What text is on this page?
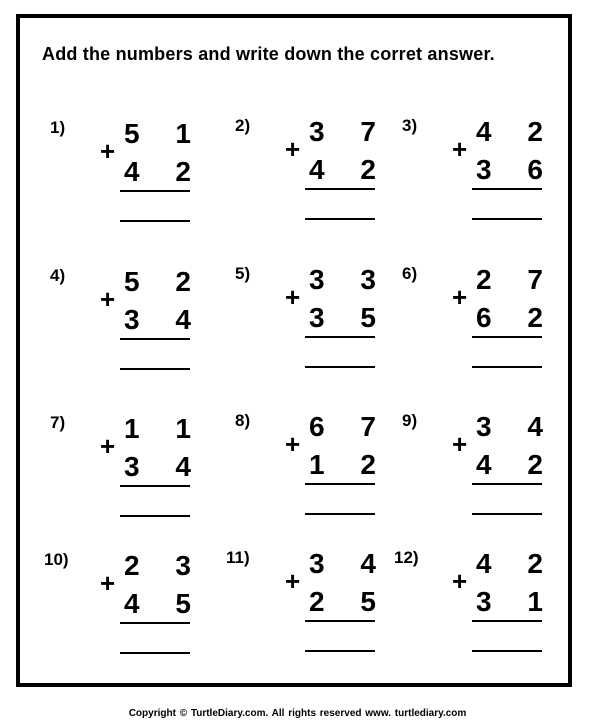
Add the numbers and write down the corret answer.
1)
+
5 1
4 2
2)
+
3 7
4 2
3)
+
4 2
3 6
4)
+
5 2
3 4
5)
+
3 3
3 5
6)
+
2 7
6 2
7)
+
1 1
3 4
8)
+
6 7
1 2
9)
+
3 4
4 2
10)
+
2 3
4 5
11)
+
3 4
2 5
12)
+
4 2
3 1
Copyright © TurtleDiary.com. All rights reserved www. turtlediary.com
